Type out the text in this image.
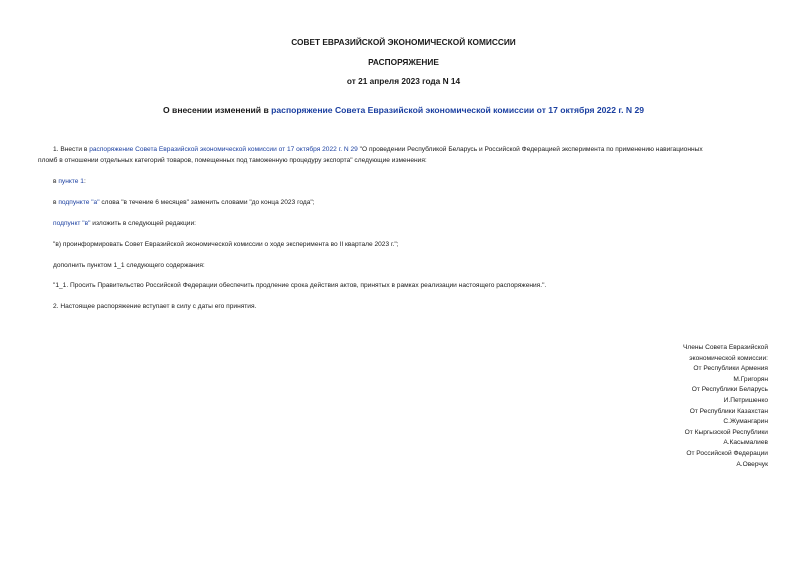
СОВЕТ ЕВРАЗИЙСКОЙ ЭКОНОМИЧЕСКОЙ КОМИССИИ
РАСПОРЯЖЕНИЕ
от 21 апреля 2023 года N 14
О внесении изменений в распоряжение Совета Евразийской экономической комиссии от 17 октября 2022 г. N 29
1. Внести в распоряжение Совета Евразийской экономической комиссии от 17 октября 2022 г. N 29 "О проведении Республикой Беларусь и Российской Федерацией эксперимента по применению навигационных
пломб в отношении отдельных категорий товаров, помещенных под таможенную процедуру экспорта" следующие изменения:
в пункте 1:
в подпункте "а" слова "в течение 6 месяцев" заменить словами "до конца 2023 года";
подпункт "в" изложить в следующей редакции:
"в) проинформировать Совет Евразийской экономической комиссии о ходе эксперимента во II квартале 2023 г.";
дополнить пунктом 1_1 следующего содержания:
"1_1. Просить Правительство Российской Федерации обеспечить продление срока действия актов, принятых в рамках реализации настоящего распоряжения.".
2. Настоящее распоряжение вступает в силу с даты его принятия.
Члены Совета Евразийской
экономической комиссии:
От Республики Армения
М.Григорян
От Республики Беларусь
И.Петришенко
От Республики Казахстан
С.Жумангарин
От Кыргызской Республики
А.Касымалиев
От Российской Федерации
А.Оверчук
